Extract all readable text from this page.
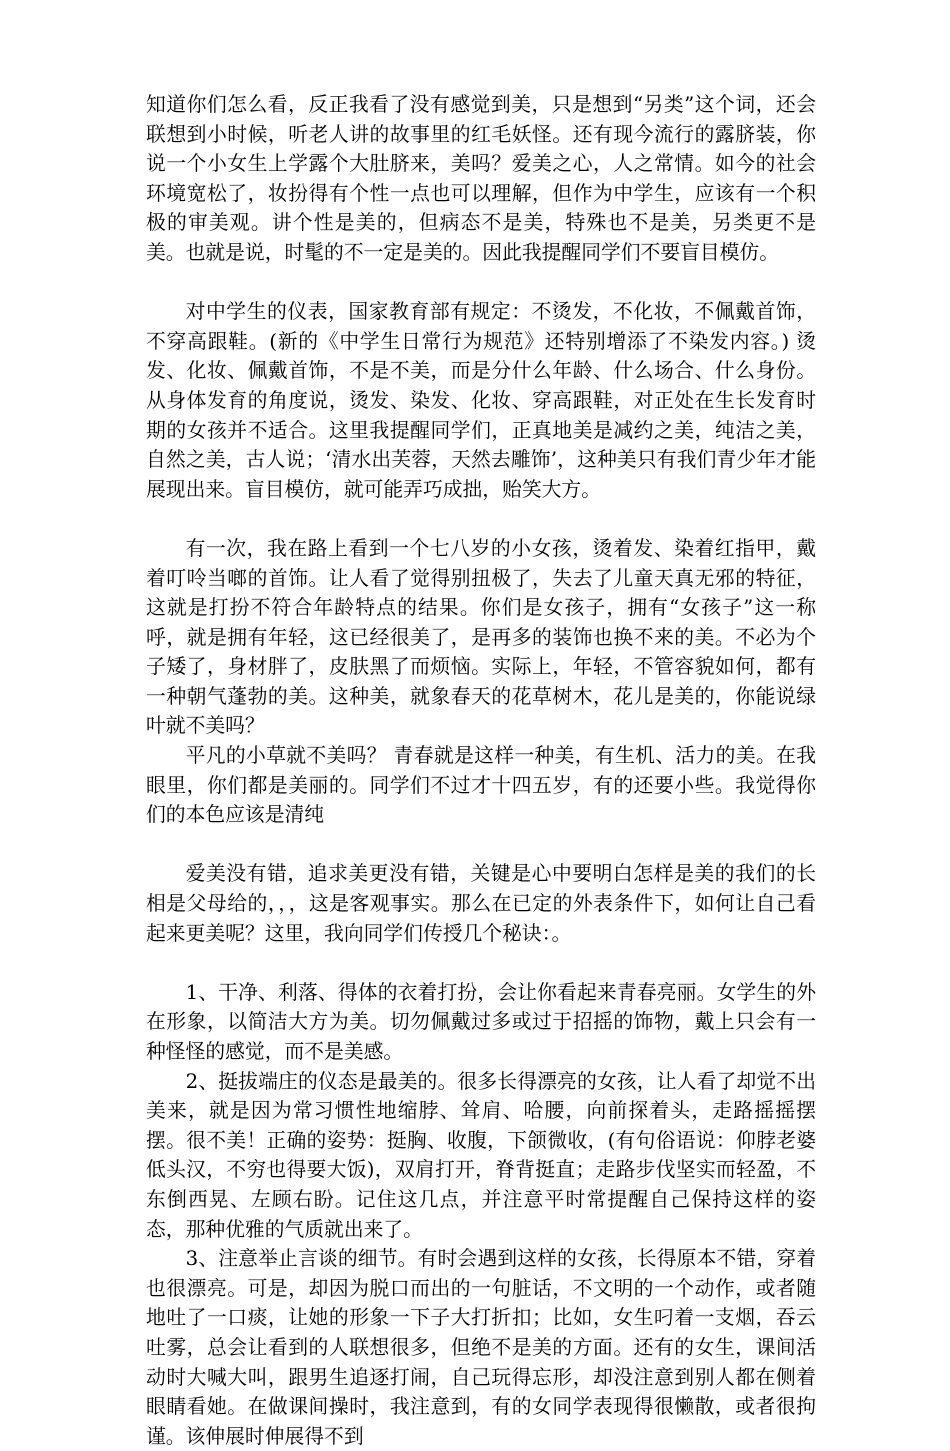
知道你们怎么看，反正我看了没有感觉到美，只是想到“另类”这个词，还会联想到小时候，听老人讲的故事里的红毛妖怪。还有现今流行的露脐装，你说一个小女生上学露个大肚脐来，美吗？爱美之心，人之常情。如今的社会环境宽松了，妆扮得有个性一点也可以理解，但作为中学生，应该有一个积极的审美观。讲个性是美的，但病态不是美，特殊也不是美，另类更不是美。也就是说，时髦的不一定是美的。因此我提醒同学们不要盲目模仿。

对中学生的仪表，国家教育部有规定：不烫发，不化妆，不佩戴首饰，不穿高跟鞋。(新的《中学生日常行为规范》还特别增添了不染发内容。) 烫发、化妆、佩戴首饰，不是不美，而是分什么年龄、什么场合、什么身份。从身体发育的角度说，烫发、染发、化妆、穿高跟鞋，对正处在生长发育时期的女孩并不适合。这里我提醒同学们，正真地美是减约之美，纯洁之美，自然之美，古人说；‘清水出芙蓉，天然去雕饰’，这种美只有我们青少年才能展现出来。盲目模仿，就可能弄巧成拙，贻笑大方。

有一次，我在路上看到一个七八岁的小女孩，烫着发、染着红指甲，戴着叮呤当啷的首饰。让人看了觉得别扭极了，失去了儿童天真无邪的特征，这就是打扮不符合年龄特点的结果。你们是女孩子，拥有“女孩子”这一称呼，就是拥有年轻，这已经很美了，是再多的装饰也换不来的美。不必为个子矮了，身材胖了，皮肤黑了而烦恼。实际上，年轻，不管容貌如何，都有一种朝气蓬勃的美。这种美，就象春天的花草树木，花儿是美的，你能说绿叶就不美吗？

平凡的小草就不美吗？ 青春就是这样一种美，有生机、活力的美。在我眼里，你们都是美丽的。同学们不过才十四五岁，有的还要小些。我觉得你们的本色应该是清纯

爱美没有错，追求美更没有错，关键是心中要明白怎样是美的我们的长相是父母给的，，，这是客观事实。那么在已定的外表条件下，如何让自己看起来更美呢？这里，我向同学们传授几个秘诀：。

1、干净、利落、得体的衣着打扮，会让你看起来青春亮丽。女学生的外在形象，以简洁大方为美。切勿佩戴过多或过于招摇的饰物，戴上只会有一种怪怪的感觉，而不是美感。

2、挺拔端庄的仪态是最美的。很多长得漂亮的女孩，让人看了却觉不出美来，就是因为常习惯性地缩脖、耸肩、哈腰，向前探着头，走路摇摇摆摆。很不美！正确的姿势：挺胸、收腹，下颌微收，(有句俗语说：仰脖老婆低头汉，不穷也得要大饭)，双肩打开，脊背挺直；走路步伐坚实而轻盈，不东倒西晃、左顾右盼。记住这几点，并注意平时常提醒自己保持这样的姿态，那种优雅的气质就出来了。

3、注意举止言谈的细节。有时会遇到这样的女孩，长得原本不错，穿着也很漂亮。可是，却因为脱口而出的一句脏话，不文明的一个动作，或者随地吐了一口痰，让她的形象一下子大打折扣；比如，女生叼着一支烟，吞云吐雾，总会让看到的人联想很多，但绝不是美的方面。还有的女生，课间活动时大喊大叫，跟男生追逐打闹，自己玩得忘形，却没注意到别人都在侧着眼睛看她。在做课间操时，我注意到，有的女同学表现得很懒散，或者很拘谨。该伸展时伸展得不到
